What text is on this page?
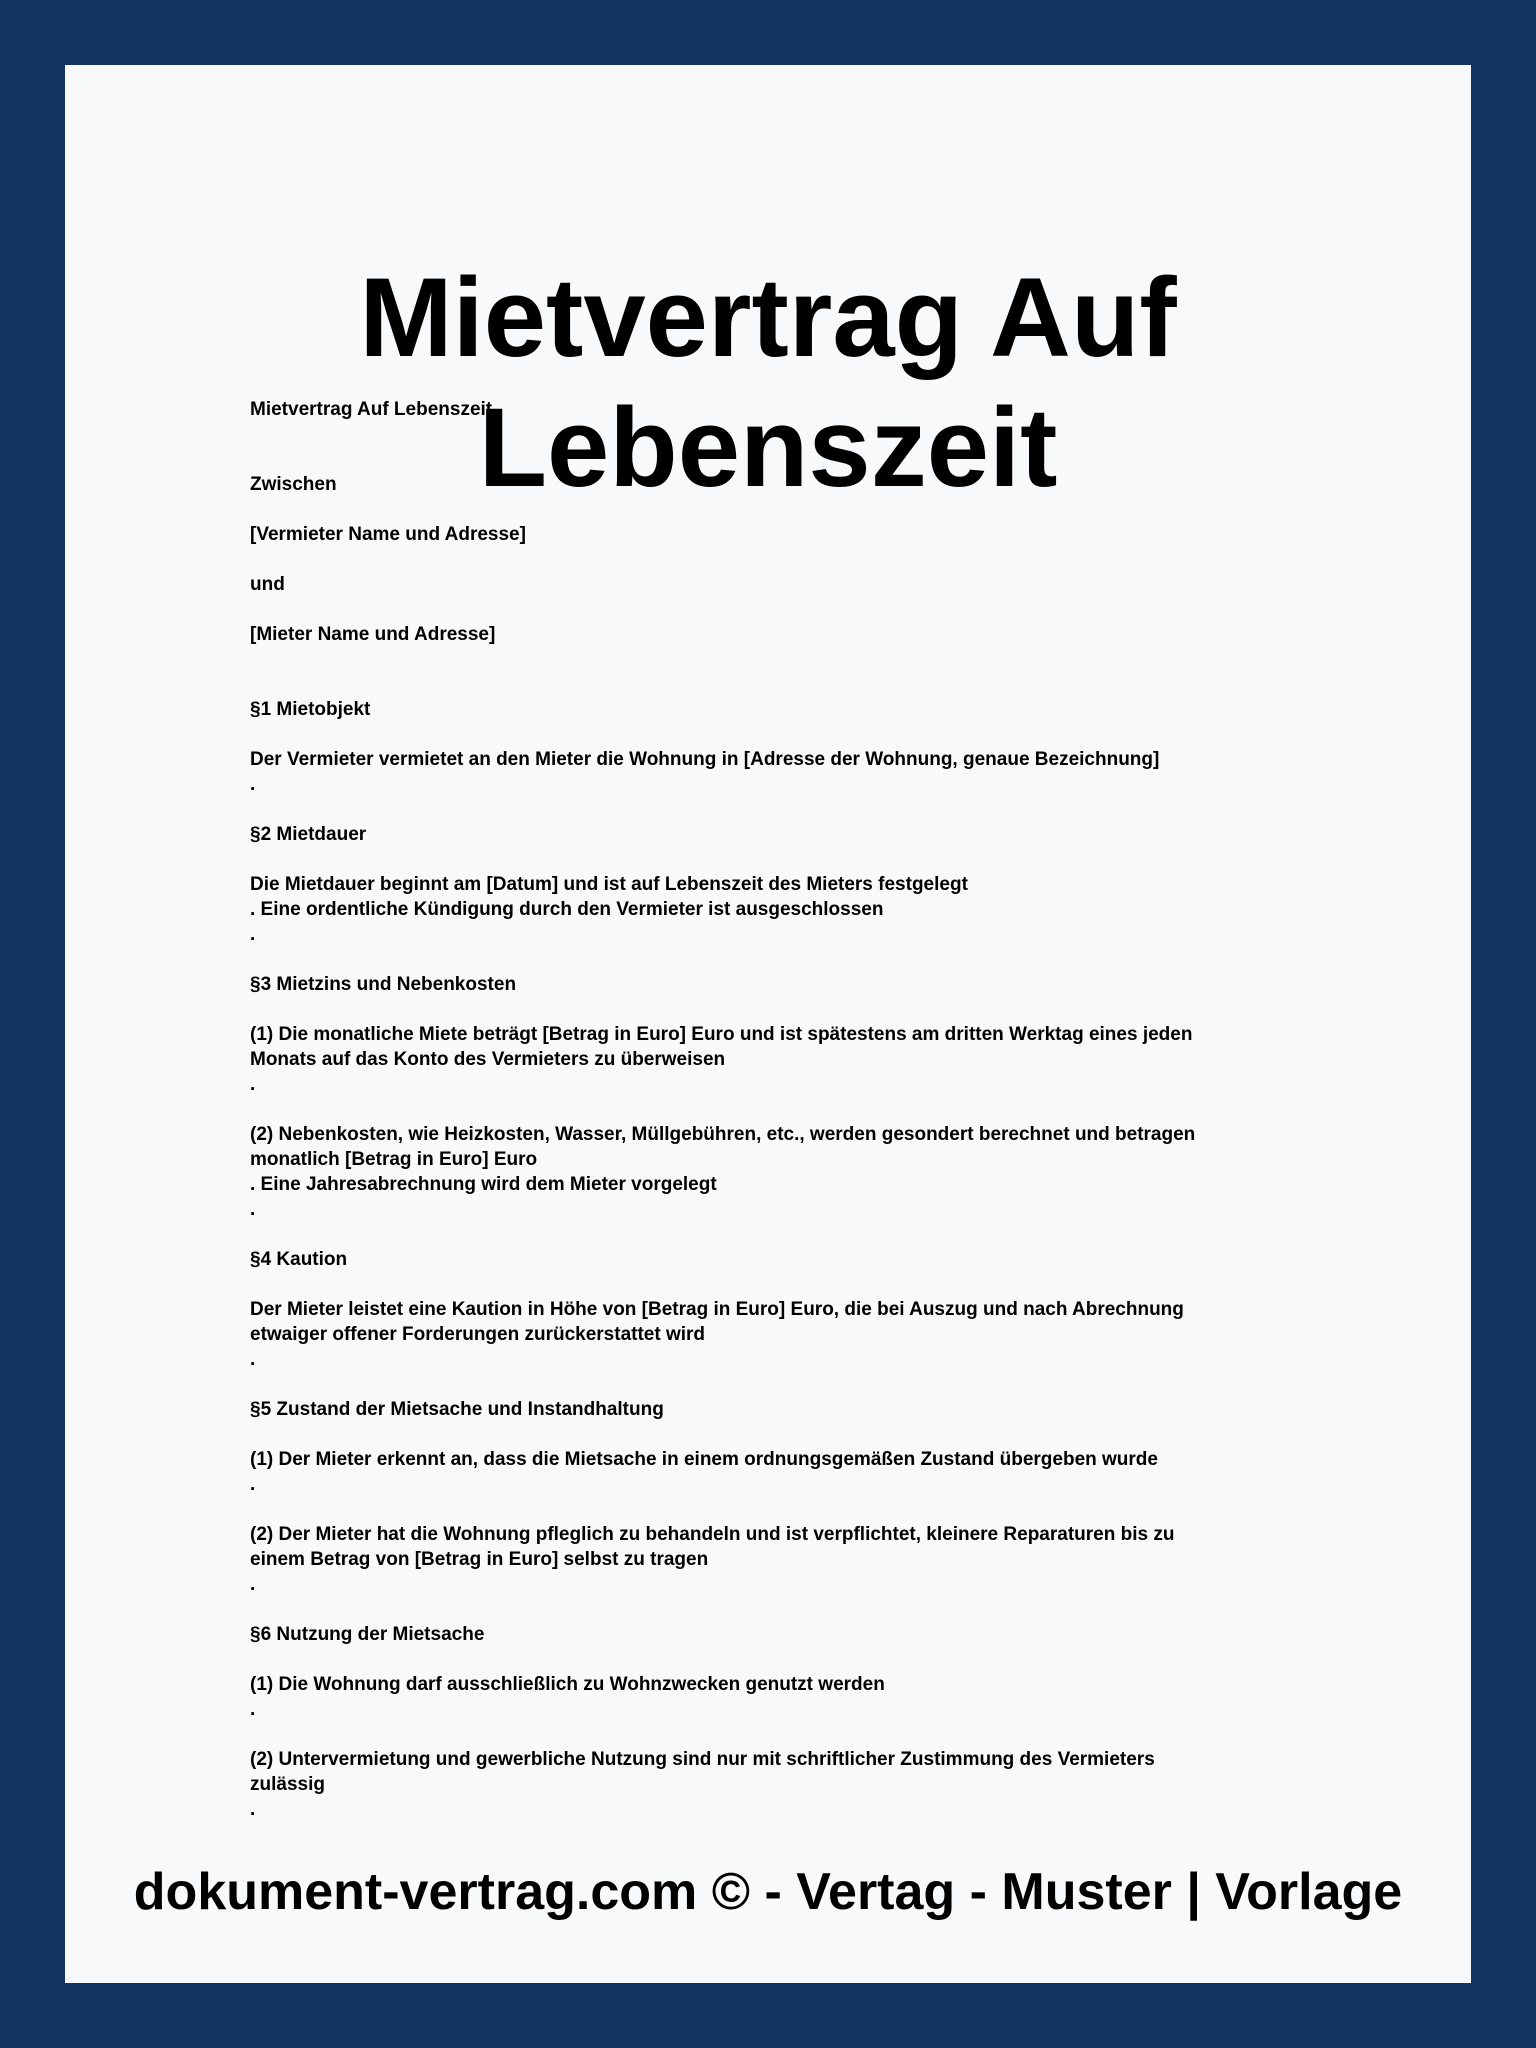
Mietvertrag Auf Lebenszeit
Mietvertrag Auf Lebenszeit
Zwischen
[Vermieter Name und Adresse]
und
[Mieter Name und Adresse]
§1 Mietobjekt
Der Vermieter vermietet an den Mieter die Wohnung in [Adresse der Wohnung, genaue Bezeichnung]
.
§2 Mietdauer
Die Mietdauer beginnt am [Datum] und ist auf Lebenszeit des Mieters festgelegt
. Eine ordentliche Kündigung durch den Vermieter ist ausgeschlossen
.
§3 Mietzins und Nebenkosten
(1) Die monatliche Miete beträgt [Betrag in Euro] Euro und ist spätestens am dritten Werktag eines jeden
Monats auf das Konto des Vermieters zu überweisen
.
(2) Nebenkosten, wie Heizkosten, Wasser, Müllgebühren, etc., werden gesondert berechnet und betragen
monatlich [Betrag in Euro] Euro
. Eine Jahresabrechnung wird dem Mieter vorgelegt
.
§4 Kaution
Der Mieter leistet eine Kaution in Höhe von [Betrag in Euro] Euro, die bei Auszug und nach Abrechnung
etwaiger offener Forderungen zurückerstattet wird
.
§5 Zustand der Mietsache und Instandhaltung
(1) Der Mieter erkennt an, dass die Mietsache in einem ordnungsgemäßen Zustand übergeben wurde
.
(2) Der Mieter hat die Wohnung pfleglich zu behandeln und ist verpflichtet, kleinere Reparaturen bis zu
einem Betrag von [Betrag in Euro] selbst zu tragen
.
§6 Nutzung der Mietsache
(1) Die Wohnung darf ausschließlich zu Wohnzwecken genutzt werden
.
(2) Untervermietung und gewerbliche Nutzung sind nur mit schriftlicher Zustimmung des Vermieters
zulässig
.
dokument-vertrag.com © - Vertag - Muster | Vorlage
